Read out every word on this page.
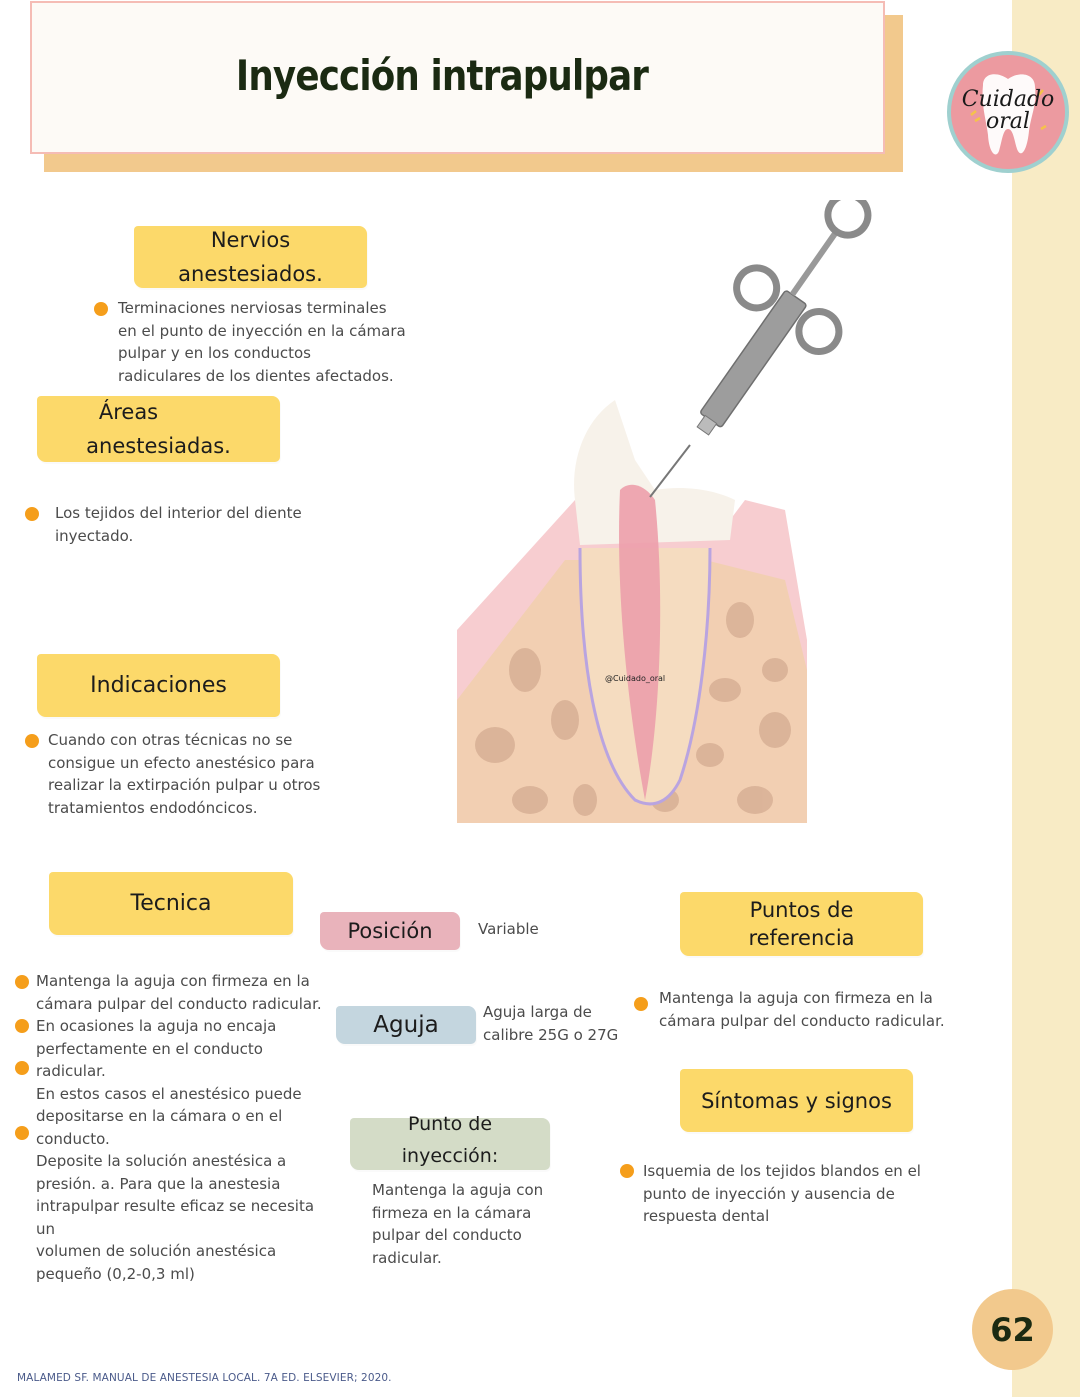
Inyección intrapulpar	Cuidado
oral
Nervios
anestesiados.
Terminaciones nerviosas terminales
en el punto de inyección en la cámara
pulpar y en los conductos
radiculares de los dientes afectados.
Áreas
anestesiadas.
Los tejidos del interior del diente
inyectado.
Indicaciones
Cuando con otras técnicas no se
consigue un efecto anestésico para
realizar la extirpación pulpar u otros
tratamientos endodóncicos.
@Cuidado_oral
Tecnica
Mantenga la aguja con firmeza en la
cámara pulpar del conducto radicular.
En ocasiones la aguja no encaja
perfectamente en el conducto radicular.
En estos casos el anestésico puede
depositarse en la cámara o en el
conducto.
Deposite la solución anestésica a
presión. a. Para que la anestesia
intrapulpar resulte eficaz se necesita un
volumen de solución anestésica
pequeño (0,2-0,3 ml)
Posición	Variable
Aguja	Aguja larga de
calibre 25G o 27G
Punto de
inyección:
Mantenga la aguja con
firmeza en la cámara
pulpar del conducto
radicular.
Puntos de
referencia
Mantenga la aguja con firmeza en la
cámara pulpar del conducto radicular.
Síntomas y signos
Isquemia de los tejidos blandos en el
punto de inyección y ausencia de
respuesta dental
62
MALAMED SF. MANUAL DE ANESTESIA LOCAL. 7A ED. ELSEVIER; 2020.
